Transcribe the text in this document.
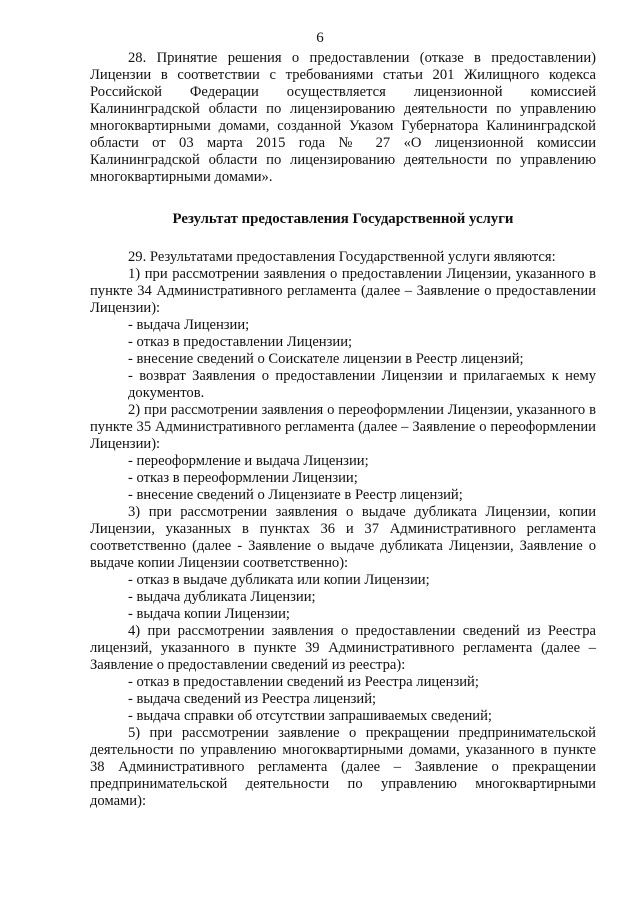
6

28. Принятие решения о предоставлении (отказе в предоставлении) Лицензии в соответствии с требованиями статьи 201 Жилищного кодекса Российской Федерации осуществляется лицензионной комиссией Калининградской области по лицензированию деятельности по управлению многоквартирными домами, созданной Указом Губернатора Калининградской области от 03 марта 2015 года № 27 «О лицензионной комиссии Калининградской области по лицензированию деятельности по управлению многоквартирными домами».

Результат предоставления Государственной услуги

29. Результатами предоставления Государственной услуги являются:

1) при рассмотрении заявления о предоставлении Лицензии, указанного в пункте 34 Административного регламента (далее – Заявление о предоставлении Лицензии):

- выдача Лицензии;

- отказ в предоставлении Лицензии;

- внесение сведений о Соискателе лицензии в Реестр лицензий;

- возврат Заявления о предоставлении Лицензии и прилагаемых к нему документов.

2) при рассмотрении заявления о переоформлении Лицензии, указанного в пункте 35 Административного регламента (далее – Заявление о переоформлении Лицензии):

- переоформление и выдача Лицензии;

- отказ в переоформлении Лицензии;

- внесение сведений о Лицензиате в Реестр лицензий;

3) при рассмотрении заявления о выдаче дубликата Лицензии, копии Лицензии, указанных в пунктах 36 и 37 Административного регламента соответственно (далее - Заявление о выдаче дубликата Лицензии, Заявление о выдаче копии Лицензии соответственно):

- отказ в выдаче дубликата или копии Лицензии;

- выдача дубликата Лицензии;

- выдача копии Лицензии;

4) при рассмотрении заявления о предоставлении сведений из Реестра лицензий, указанного в пункте 39 Административного регламента (далее – Заявление о предоставлении сведений из реестра):

- отказ в предоставлении сведений из Реестра лицензий;

- выдача сведений из Реестра лицензий;

- выдача справки об отсутствии запрашиваемых сведений;

5) при рассмотрении заявление о прекращении предпринимательской деятельности по управлению многоквартирными домами, указанного в пункте 38 Административного регламента (далее – Заявление о прекращении предпринимательской деятельности по управлению многоквартирными домами):
